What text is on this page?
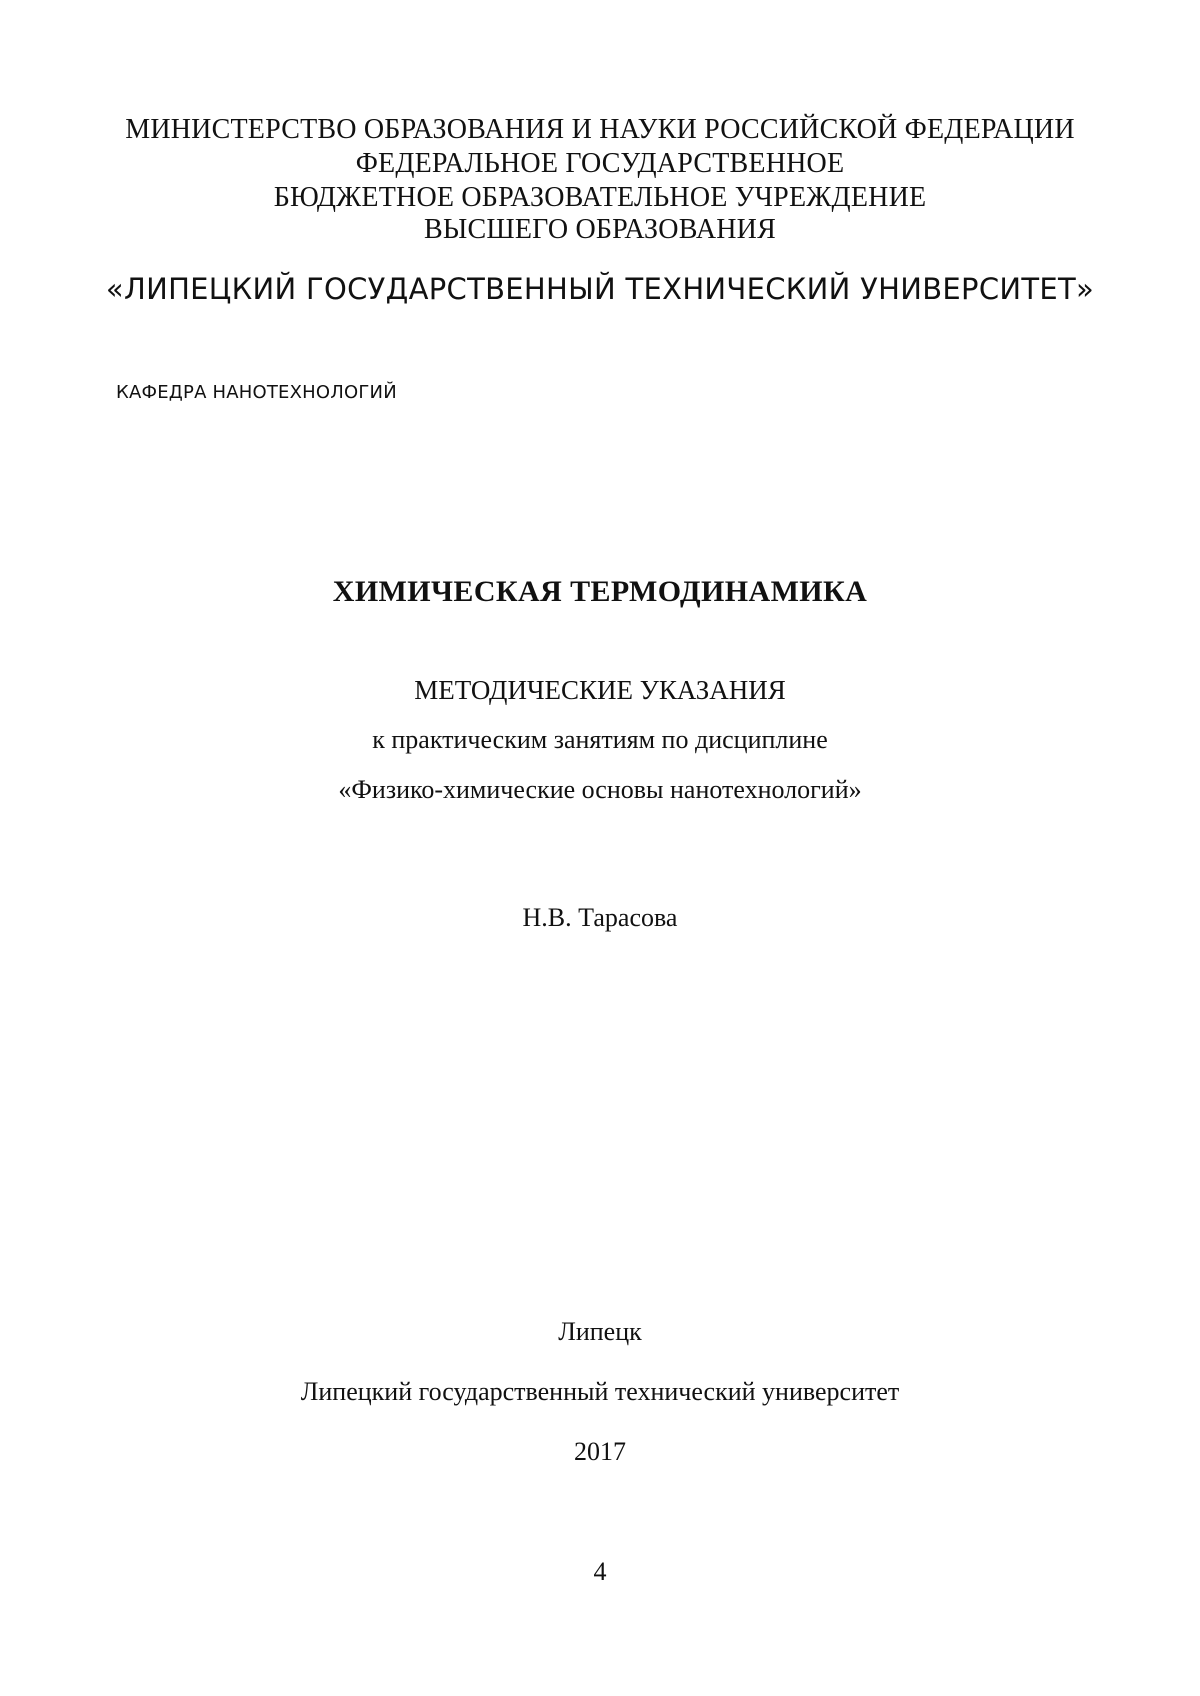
МИНИСТЕРСТВО ОБРАЗОВАНИЯ И НАУКИ РОССИЙСКОЙ ФЕДЕРАЦИИ
ФЕДЕРАЛЬНОЕ ГОСУДАРСТВЕННОЕ
БЮДЖЕТНОЕ ОБРАЗОВАТЕЛЬНОЕ УЧРЕЖДЕНИЕ
ВЫСШЕГО ОБРАЗОВАНИЯ
«ЛИПЕЦКИЙ ГОСУДАРСТВЕННЫЙ ТЕХНИЧЕСКИЙ УНИВЕРСИТЕТ»
КАФЕДРА НАНОТЕХНОЛОГИЙ
ХИМИЧЕСКАЯ ТЕРМОДИНАМИКА
МЕТОДИЧЕСКИЕ УКАЗАНИЯ
к практическим занятиям по дисциплине
«Физико-химические основы нанотехнологий»
Н.В. Тарасова
Липецк
Липецкий государственный технический университет
2017
4
